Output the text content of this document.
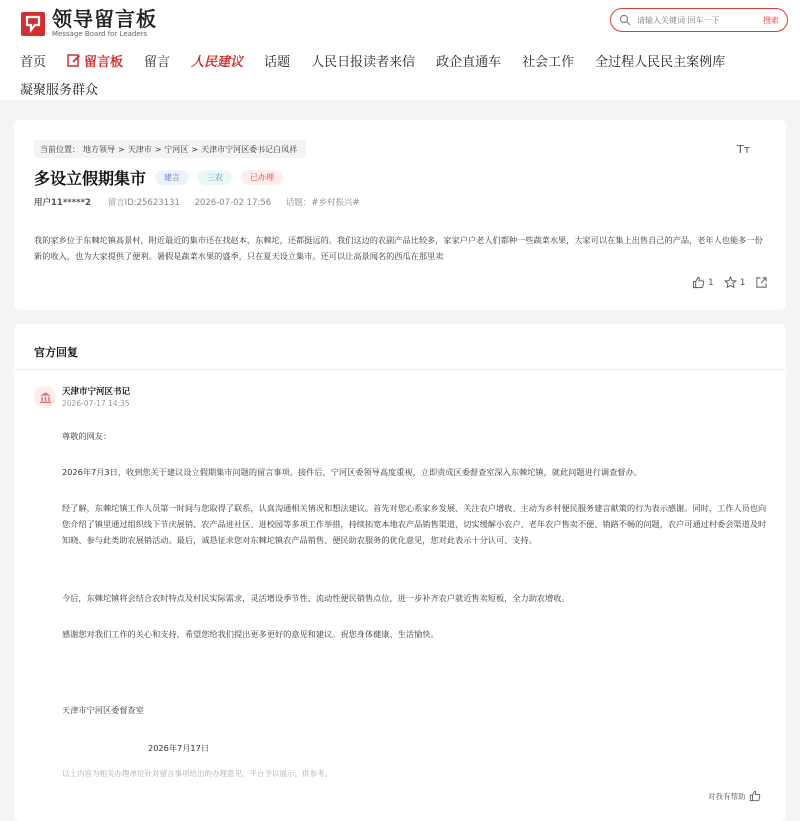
领导留言板
Message Board for Leaders
请输入关键词 回车一下
搜索
首页	留言板 留言 人民建议 话题 人民日报读者来信 政企直通车 社会工作 全过程人民民主案例库
凝聚服务群众
当前位置： 地方领导 > 天津市 > 宁河区 > 天津市宁河区委书记白凤祥	Tт
多设立假期集市	建言	三农	已办理
用户11*****2 留言ID:25623131 2026-07-02 17:56 话题：#乡村振兴#
我的家乡位于东棘坨镇高景村，附近最近的集市还在找赵本，东棘坨，还都挺远的。我们这边的农副产品比较多，家家户户老人们都种一些蔬菜水果，大家可以在集上出售自己的产品，老年人也能多一份新的收入，也为大家提供了便利。暑假是蔬菜水果的盛季，只在夏天设立集市。还可以让高景闻名的西瓜在那里卖
1	1
官方回复
天津市宁河区书记
2026-07-17 14:35

尊敬的网友：

2026年7月3日，收到您关于建议设立假期集市问题的留言事项。接件后，宁河区委领导高度重视，立即责成区委督查室深入东棘坨镇，就此问题进行调查督办。

经了解，东棘坨镇工作人员第一时间与您取得了联系，认真沟通相关情况和想法建议。首先对您心系家乡发展、关注农户增收、主动为乡村便民服务建言献策的行为表示感谢。同时，工作人员也向您介绍了镇里通过组织线下节庆展销、农产品进社区、进校园等多项工作举措，持续拓宽本地农产品销售渠道，切实缓解小农户、老年农户售卖不便、销路不畅的问题，农户可通过村委会渠道及时知晓、参与此类助农展销活动。最后，诚恳征求您对东棘坨镇农产品销售、便民助农服务的优化意见，您对此表示十分认可、支持。

今后，东棘坨镇将会结合农时特点及村民实际需求，灵活增设季节性、流动性便民销售点位，进一步补齐农户就近售卖短板，全力助农增收。

感谢您对我们工作的关心和支持，希望您给我们提出更多更好的意见和建议。祝您身体健康、生活愉快。

天津市宁河区委督查室

2026年7月17日

以上内容为相关办理单位针对留言事项给出的办理意见，平台予以展示，供参考。
对我有帮助
